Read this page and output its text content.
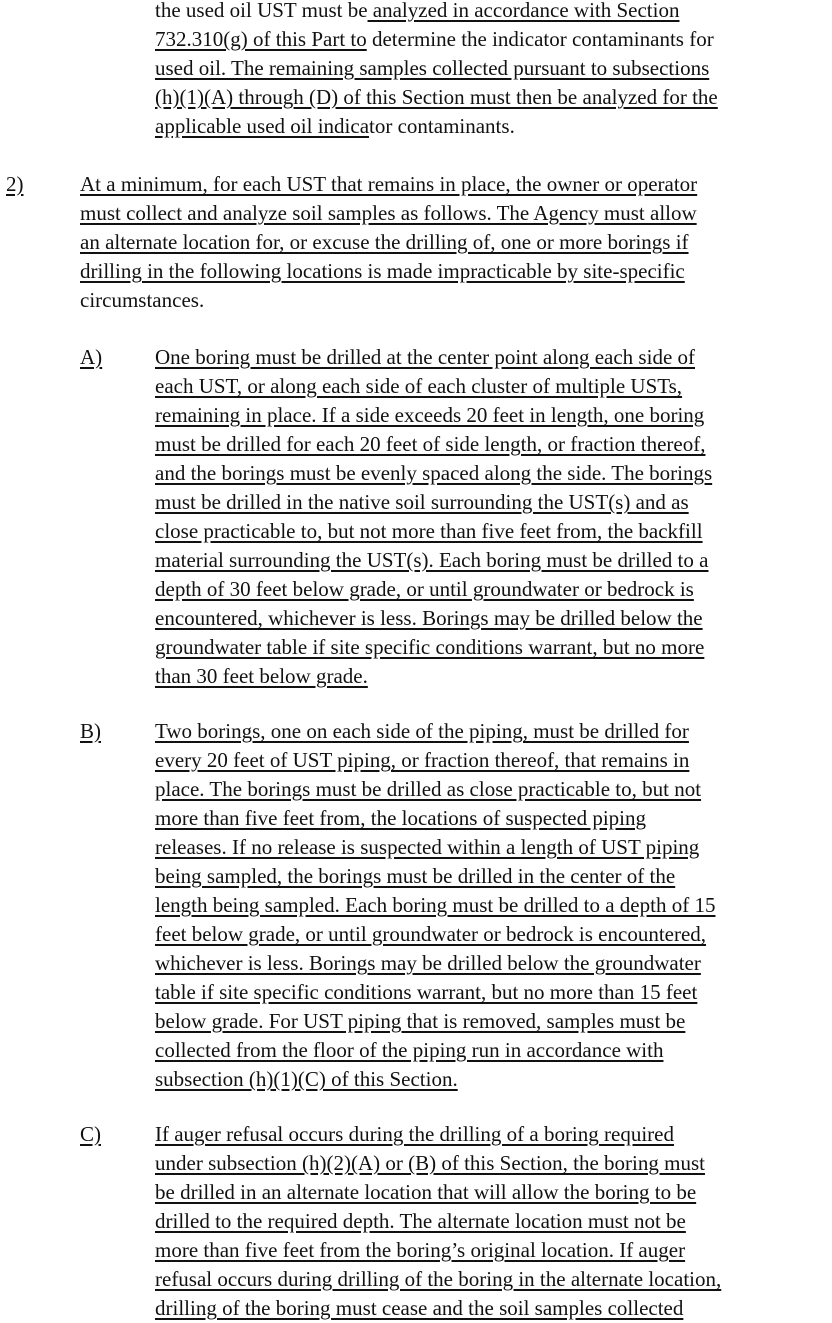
the used oil UST must be analyzed in accordance with Section
732.310(g) of this Part to determine the indicator contaminants for
used oil. The remaining samples collected pursuant to subsections
(h)(1)(A) through (D) of this Section must then be analyzed for the
applicable used oil indicator contaminants.
2)	At a minimum, for each UST that remains in place, the owner or operator
must collect and analyze soil samples as follows. The Agency must allow
an alternate location for, or excuse the drilling of, one or more borings if
drilling in the following locations is made impracticable by site-specific
circumstances.
A)	One boring must be drilled at the center point along each side of
each UST, or along each side of each cluster of multiple USTs,
remaining in place. If a side exceeds 20 feet in length, one boring
must be drilled for each 20 feet of side length, or fraction thereof,
and the borings must be evenly spaced along the side. The borings
must be drilled in the native soil surrounding the UST(s) and as
close practicable to, but not more than five feet from, the backfill
material surrounding the UST(s). Each boring must be drilled to a
depth of 30 feet below grade, or until groundwater or bedrock is
encountered, whichever is less. Borings may be drilled below the
groundwater table if site specific conditions warrant, but no more
than 30 feet below grade.
B)	Two borings, one on each side of the piping, must be drilled for
every 20 feet of UST piping, or fraction thereof, that remains in
place. The borings must be drilled as close practicable to, but not
more than five feet from, the locations of suspected piping
releases. If no release is suspected within a length of UST piping
being sampled, the borings must be drilled in the center of the
length being sampled. Each boring must be drilled to a depth of 15
feet below grade, or until groundwater or bedrock is encountered,
whichever is less. Borings may be drilled below the groundwater
table if site specific conditions warrant, but no more than 15 feet
below grade. For UST piping that is removed, samples must be
collected from the floor of the piping run in accordance with
subsection (h)(1)(C) of this Section.
C)	If auger refusal occurs during the drilling of a boring required
under subsection (h)(2)(A) or (B) of this Section, the boring must
be drilled in an alternate location that will allow the boring to be
drilled to the required depth. The alternate location must not be
more than five feet from the boring’s original location. If auger
refusal occurs during drilling of the boring in the alternate location,
drilling of the boring must cease and the soil samples collected
